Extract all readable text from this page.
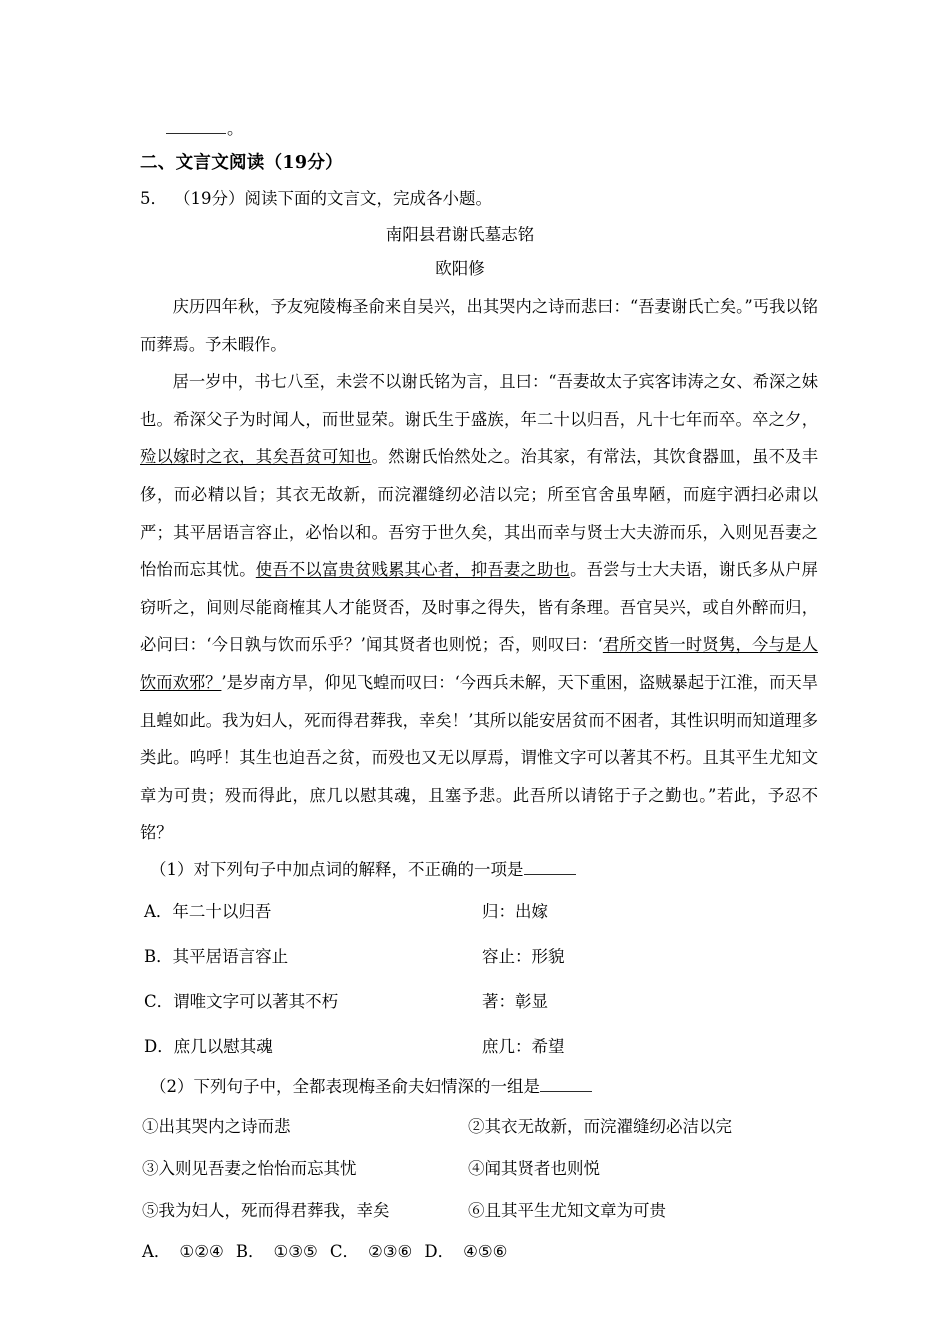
。
二、文言文阅读（19分）
5． （19分）阅读下面的文言文，完成各小题。
南阳县君谢氏墓志铭
欧阳修

庆历四年秋，予友宛陵梅圣俞来自吴兴，出其哭内之诗而悲曰：“吾妻谢氏亡矣。”丐我以铭而葬焉。予未暇作。

居一岁中，书七八至，未尝不以谢氏铭为言，且曰：“吾妻故太子宾客讳涛之女、希深之妹也。希深父子为时闻人，而世显荣。谢氏生于盛族，年二十以归吾，凡十七年而卒。卒之夕，殓以嫁时之衣，其矣吾贫可知也。然谢氏怡然处之。治其家，有常法，其饮食器皿，虽不及丰侈，而必精以旨；其衣无故新，而浣濯缝纫必洁以完；所至官舍虽卑陋，而庭宇洒扫必肃以严；其平居语言容止，必怡以和。吾穷于世久矣，其出而幸与贤士大夫游而乐，入则见吾妻之怡怡而忘其忧。使吾不以富贵贫贱累其心者，抑吾妻之助也。吾尝与士大夫语，谢氏多从户屏窃听之，间则尽能商榷其人才能贤否，及时事之得失，皆有条理。吾官吴兴，或自外醉而归，必问曰：‘今日孰与饮而乐乎？’闻其贤者也则悦；否，则叹曰：‘君所交皆一时贤隽，今与是人饮而欢邪？’是岁南方旱，仰见飞蝗而叹曰：‘今西兵未解，天下重困，盗贼暴起于江淮，而天旱且蝗如此。我为妇人，死而得君葬我，幸矣！’其所以能安居贫而不困者，其性识明而知道理多类此。呜呼！其生也迫吾之贫，而殁也又无以厚焉，谓惟文字可以著其不朽。且其平生尤知文章为可贵；殁而得此，庶几以慰其魂，且塞予悲。此吾所以请铭于子之勤也。”若此，予忍不铭？

（1）对下列句子中加点词的解释，不正确的一项是
A．年二十以归吾	归：出嫁
B．其平居语言容止	容止：形貌
C．谓唯文字可以著其不朽	著：彰显
D．庶几以慰其魂	庶几：希望
（2）下列句子中，全都表现梅圣俞夫妇情深的一组是
①出其哭内之诗而悲	②其衣无故新，而浣濯缝纫必洁以完
③入则见吾妻之怡怡而忘其忧	④闻其贤者也则悦
⑤我为妇人，死而得君葬我，幸矣	⑥且其平生尤知文章为可贵
A． ①②④ B． ①③⑤ C． ②③⑥ D． ④⑤⑥
